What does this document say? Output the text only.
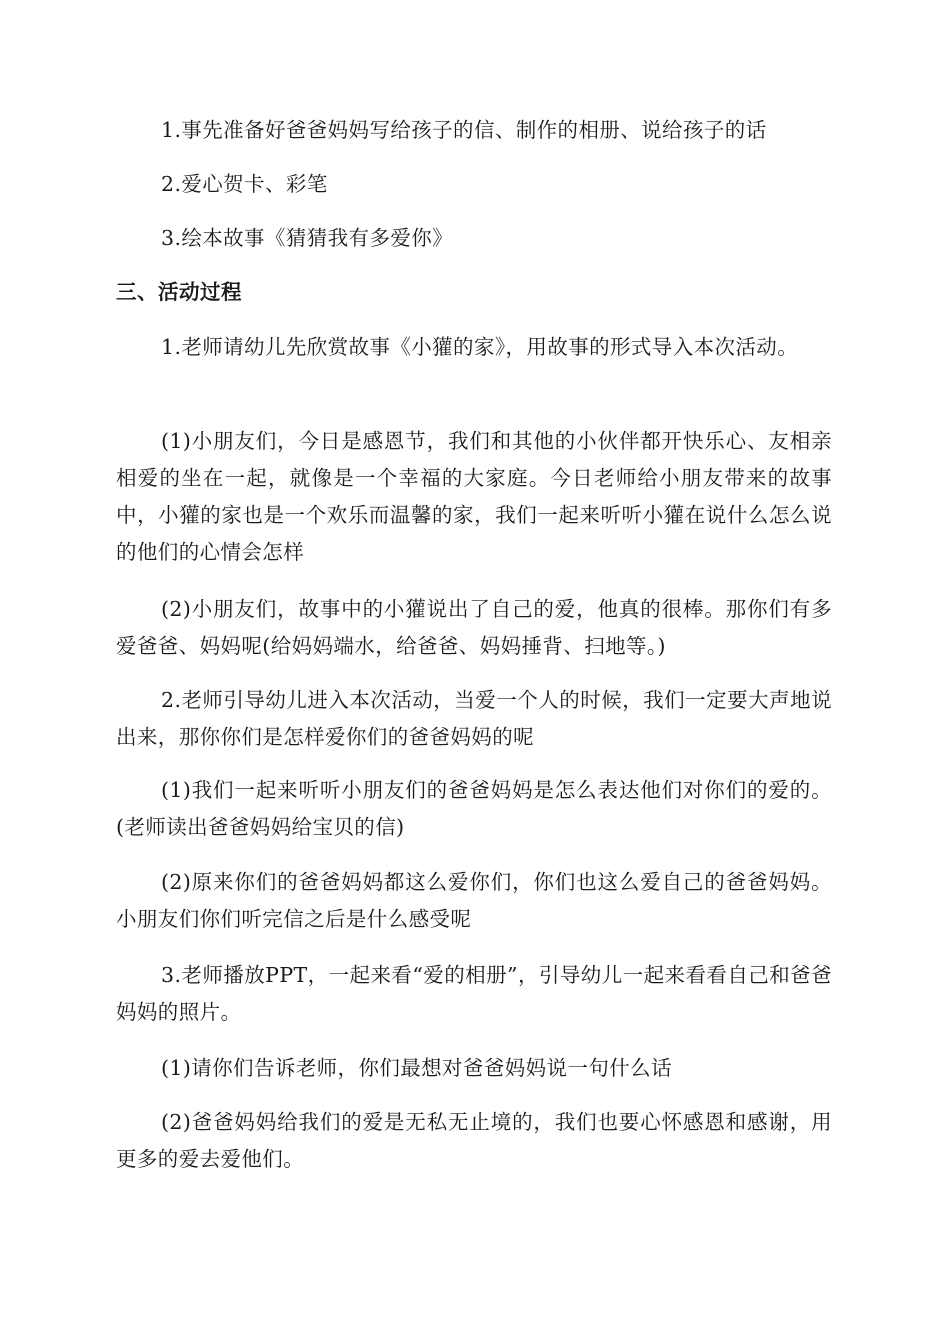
1.事先准备好爸爸妈妈写给孩子的信、制作的相册、说给孩子的话

2.爱心贺卡、彩笔

3.绘本故事《猜猜我有多爱你》

三、活动过程

1.老师请幼儿先欣赏故事《小獾的家》，用故事的形式导入本次活动。

(1)小朋友们，今日是感恩节，我们和其他的小伙伴都开快乐心、友相亲相爱的坐在一起，就像是一个幸福的大家庭。今日老师给小朋友带来的故事中，小獾的家也是一个欢乐而温馨的家，我们一起来听听小獾在说什么怎么说的他们的心情会怎样

(2)小朋友们，故事中的小獾说出了自己的爱，他真的很棒。那你们有多爱爸爸、妈妈呢(给妈妈端水，给爸爸、妈妈捶背、扫地等。)

2.老师引导幼儿进入本次活动，当爱一个人的时候，我们一定要大声地说出来，那你你们是怎样爱你们的爸爸妈妈的呢

(1)我们一起来听听小朋友们的爸爸妈妈是怎么表达他们对你们的爱的。(老师读出爸爸妈妈给宝贝的信)

(2)原来你们的爸爸妈妈都这么爱你们，你们也这么爱自己的爸爸妈妈。小朋友们你们听完信之后是什么感受呢

3.老师播放PPT，一起来看“爱的相册”，引导幼儿一起来看看自己和爸爸妈妈的照片。

(1)请你们告诉老师，你们最想对爸爸妈妈说一句什么话

(2)爸爸妈妈给我们的爱是无私无止境的，我们也要心怀感恩和感谢，用更多的爱去爱他们。
